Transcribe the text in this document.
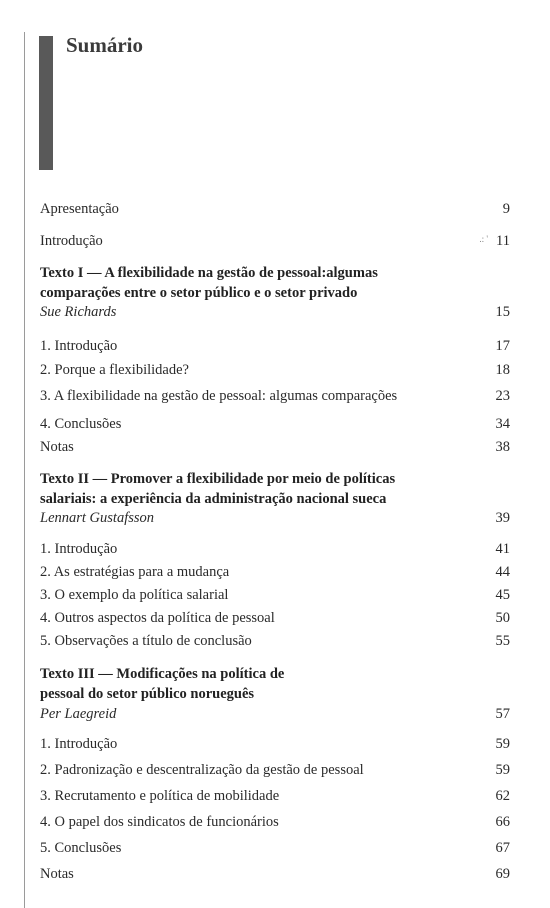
Sumário
Apresentação	9
Introdução	.: ' 11
Texto I — A flexibilidade na gestão de pessoal:algumas
comparações entre o setor público e o setor privado
Sue Richards	15
1. Introdução	17
2. Porque a flexibilidade?	18
3. A flexibilidade na gestão de pessoal: algumas comparações	23
4. Conclusões	34
Notas	38
Texto II — Promover a flexibilidade por meio de políticas
salariais: a experiência da administração nacional sueca
Lennart Gustafsson	39
1. Introdução	41
2. As estratégias para a mudança	44
3. O exemplo da política salarial	45
4. Outros aspectos da política de pessoal	50
5. Observações a título de conclusão	55
Texto III — Modificações na política de
pessoal do setor público norueguês
Per Laegreid	57
1. Introdução	59
2. Padronização e descentralização da gestão de pessoal	59
3. Recrutamento e política de mobilidade	62
4. O papel dos sindicatos de funcionários	66
5. Conclusões	67
Notas	69
